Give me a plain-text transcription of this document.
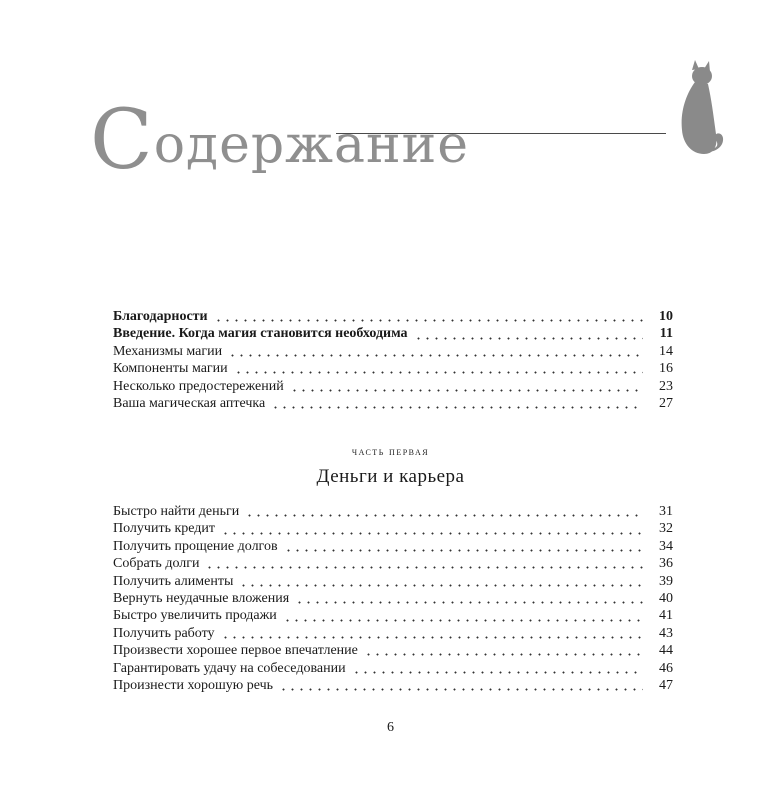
Содержание
Благодарности	10
Введение. Когда магия становится необходима	11
Механизмы магии	14
Компоненты магии	16
Несколько предостережений	23
Ваша магическая аптечка	27
часть первая
Деньги и карьера
Быстро найти деньги	31
Получить кредит	32
Получить прощение долгов	34
Собрать долги	36
Получить алименты	39
Вернуть неудачные вложения	40
Быстро увеличить продажи	41
Получить работу	43
Произвести хорошее первое впечатление	44
Гарантировать удачу на собеседовании	46
Произнести хорошую речь	47
6
